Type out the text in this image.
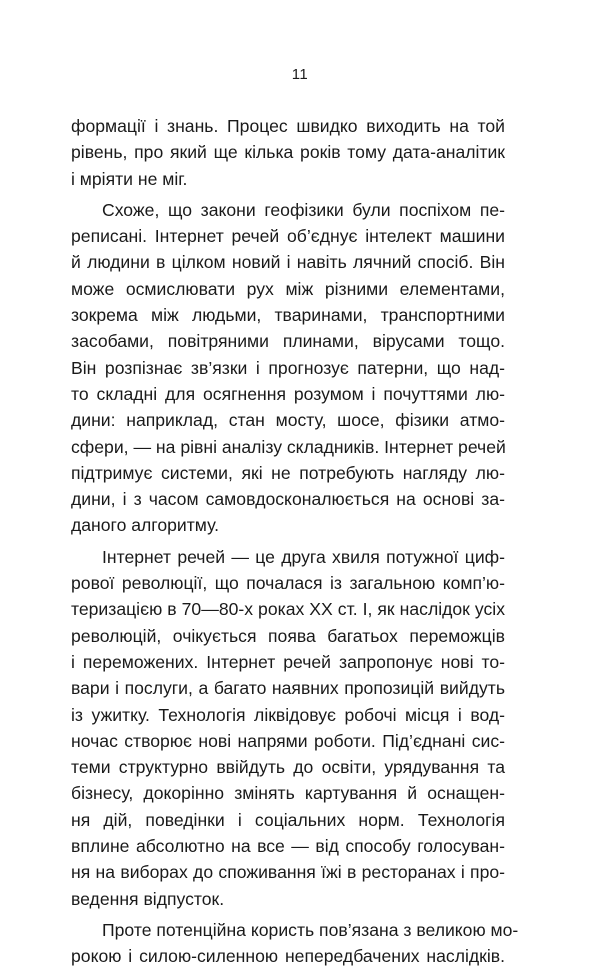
11
формації і знань. Процес швидко виходить на той
рівень, про який ще кілька років тому дата-аналітик
і мріяти не міг.
Схоже, що закони геофізики були поспіхом пе-
реписані. Інтернет речей об’єднує інтелект машини
й людини в цілком новий і навіть лячний спосіб. Він
може осмислювати рух між різними елементами,
зокрема між людьми, тваринами, транспортними
засобами, повітряними плинами, вірусами тощо.
Він розпізнає зв’язки і прогнозує патерни, що над-
то складні для осягнення розумом і почуттями лю-
дини: наприклад, стан мосту, шосе, фізики атмо-
сфери, — на рівні аналізу складників. Інтернет речей
підтримує системи, які не потребують нагляду лю-
дини, і з часом самовдосконалюється на основі за-
даного алгоритму.
Інтернет речей — це друга хвиля потужної циф-
рової революції, що почалася із загальною комп’ю-
теризацією в 70—80-х роках XX ст. І, як наслідок усіх
революцій, очікується поява багатьох переможців
і переможених. Інтернет речей запропонує нові то-
вари і послуги, а багато наявних пропозицій вийдуть
із ужитку. Технологія ліквідовує робочі місця і вод-
ночас створює нові напрями роботи. Під’єднані сис-
теми структурно ввійдуть до освіти, урядування та
бізнесу, докорінно змінять картування й оснащен-
ня дій, поведінки і соціальних норм. Технологія
вплине абсолютно на все — від способу голосуван-
ня на виборах до споживання їжі в ресторанах і про-
ведення відпусток.
Проте потенційна користь пов’язана з великою мо-
рокою і силою-силенною непередбачених наслідків.
